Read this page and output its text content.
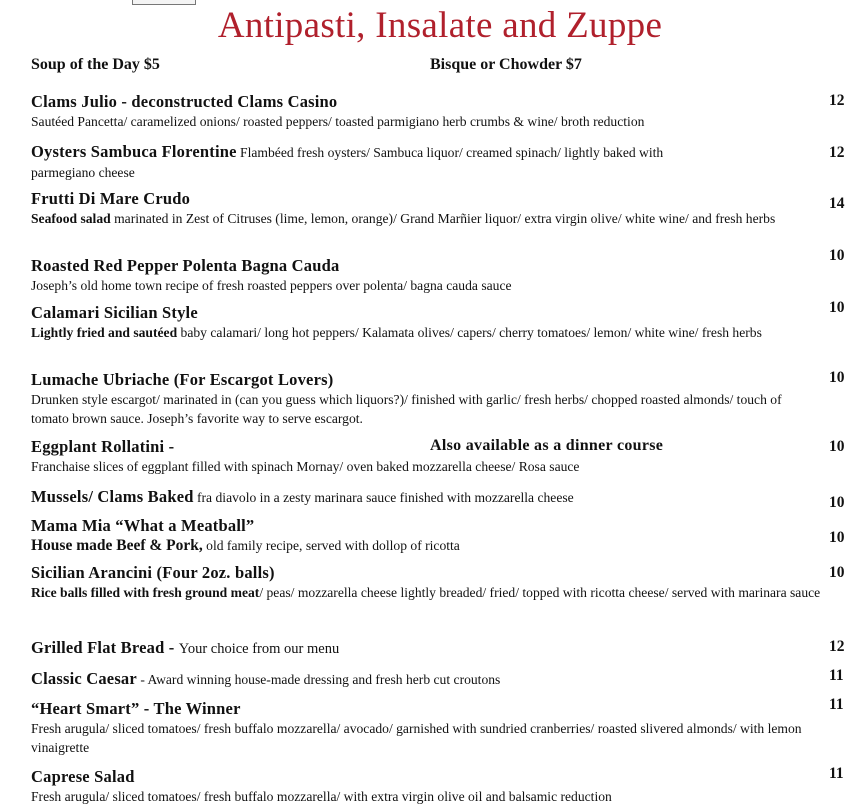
Antipasti, Insalate and Zuppe
Soup of the Day $5	Bisque or Chowder $7
Clams Julio - deconstructed Clams Casino
Sautéed Pancetta/ caramelized onions/ roasted peppers/ toasted parmigiano herb crumbs & wine/ broth reduction
12
Oysters Sambuca Florentine Flambéed fresh oysters/ Sambuca liquor/ creamed spinach/ lightly baked with
parmegiano cheese
12
Frutti Di Mare Crudo
Seafood salad marinated in Zest of Citruses (lime, lemon, orange)/ Grand Marñier liquor/ extra virgin olive/ white wine/ and fresh herbs
14
Roasted Red Pepper Polenta Bagna Cauda
Joseph’s old home town recipe of fresh roasted peppers over polenta/ bagna cauda sauce
10
Calamari Sicilian Style
Lightly fried and sautéed baby calamari/ long hot peppers/ Kalamata olives/ capers/ cherry tomatoes/ lemon/ white wine/ fresh herbs
10
Lumache Ubriache (For Escargot Lovers)
Drunken style escargot/ marinated in (can you guess which liquors?)/ finished with garlic/ fresh herbs/ chopped roasted almonds/ touch of tomato brown sauce. Joseph’s favorite way to serve escargot.
10
Eggplant Rollatini -	Also available as a dinner course
Franchaise slices of eggplant filled with spinach Mornay/ oven baked mozzarella cheese/ Rosa sauce
10
Mussels/ Clams Baked fra diavolo in a zesty marinara sauce finished with mozzarella cheese	10
Mama Mia “What a Meatball”
House made Beef & Pork, old family recipe, served with dollop of ricotta	10
Sicilian Arancini (Four 2oz. balls)
Rice balls filled with fresh ground meat/ peas/ mozzarella cheese lightly breaded/ fried/ topped with ricotta cheese/ served with marinara sauce
10
Grilled Flat Bread - Your choice from our menu	12
Classic Caesar - Award winning house-made dressing and fresh herb cut croutons	11
“Heart Smart” - The Winner
Fresh arugula/ sliced tomatoes/ fresh buffalo mozzarella/ avocado/ garnished with sundried cranberries/ roasted slivered almonds/ with lemon vinaigrette
11
Caprese Salad
Fresh arugula/ sliced tomatoes/ fresh buffalo mozzarella/ with extra virgin olive oil and balsamic reduction
11
